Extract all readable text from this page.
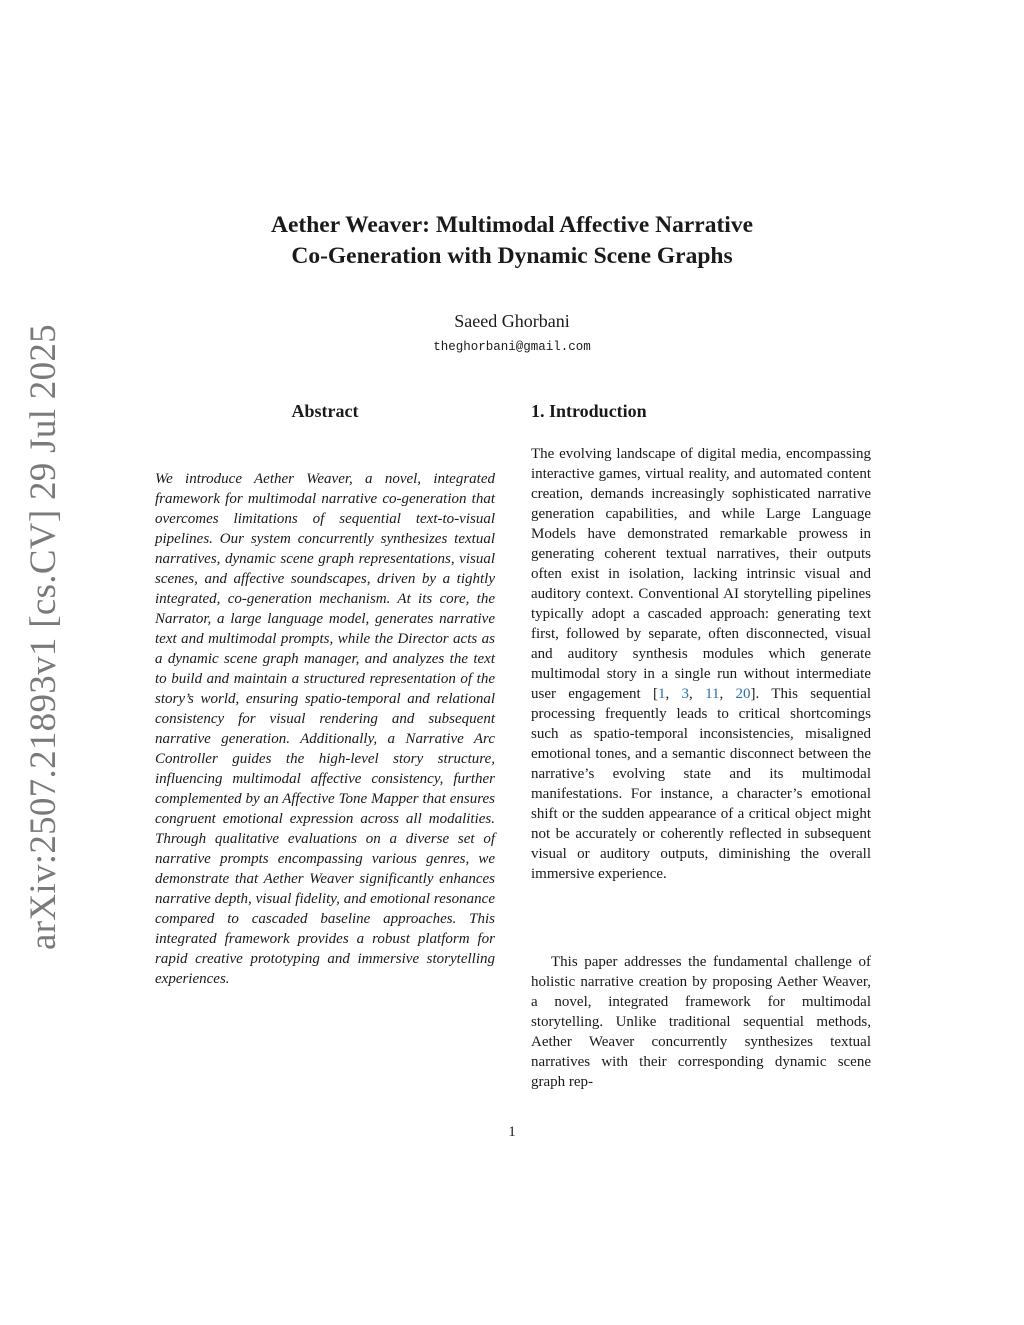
arXiv:2507.21893v1 [cs.CV] 29 Jul 2025
Aether Weaver: Multimodal Affective Narrative
Co-Generation with Dynamic Scene Graphs
Saeed Ghorbani
theghorbani@gmail.com
Abstract

We introduce Aether Weaver, a novel, integrated framework for multimodal narrative co-generation that overcomes limitations of sequential text-to-visual pipelines. Our system concurrently synthesizes textual narratives, dynamic scene graph representations, visual scenes, and affective soundscapes, driven by a tightly integrated, co-generation mechanism. At its core, the Narrator, a large language model, generates narrative text and multimodal prompts, while the Director acts as a dynamic scene graph manager, and analyzes the text to build and maintain a structured representation of the story’s world, ensuring spatio-temporal and relational consistency for visual rendering and subsequent narrative generation. Additionally, a Narrative Arc Controller guides the high-level story structure, influencing multimodal affective consistency, further complemented by an Affective Tone Mapper that ensures congruent emotional expression across all modalities. Through qualitative evaluations on a diverse set of narrative prompts encompassing various genres, we demonstrate that Aether Weaver significantly enhances narrative depth, visual fidelity, and emotional resonance compared to cascaded baseline approaches. This integrated framework provides a robust platform for rapid creative prototyping and immersive storytelling experiences.

1. Introduction

The evolving landscape of digital media, encompassing interactive games, virtual reality, and automated content creation, demands increasingly sophisticated narrative generation capabilities, and while Large Language Models have demonstrated remarkable prowess in generating coherent textual narratives, their outputs often exist in isolation, lacking intrinsic visual and auditory context. Conventional AI storytelling pipelines typically adopt a cascaded approach: generating text first, followed by separate, often disconnected, visual and auditory synthesis modules which generate multimodal story in a single run without intermediate user engagement [1, 3, 11, 20]. This sequential processing frequently leads to critical shortcomings such as spatio-temporal inconsistencies, misaligned emotional tones, and a semantic disconnect between the narrative’s evolving state and its multimodal manifestations. For instance, a character’s emotional shift or the sudden appearance of a critical object might not be accurately or coherently reflected in subsequent visual or auditory outputs, diminishing the overall immersive experience.

This paper addresses the fundamental challenge of holistic narrative creation by proposing Aether Weaver, a novel, integrated framework for multimodal storytelling. Unlike traditional sequential methods, Aether Weaver concurrently synthesizes textual narratives with their corresponding dynamic scene graph rep-

1
